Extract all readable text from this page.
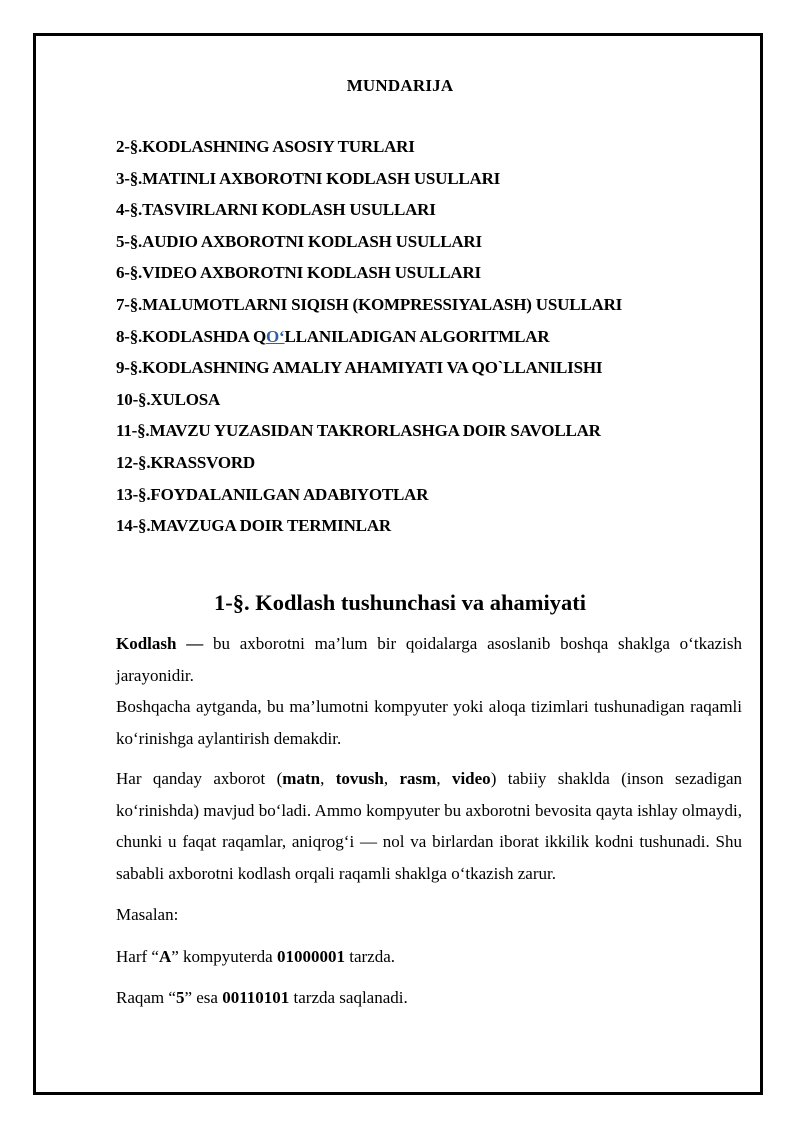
MUNDARIJA
2-§.KODLASHNING ASOSIY TURLARI
3-§.MATINLI AXBOROTNI KODLASH USULLARI
4-§.TASVIRLARNI KODLASH USULLARI
5-§.AUDIO AXBOROTNI KODLASH USULLARI
6-§.VIDEO AXBOROTNI KODLASH USULLARI
7-§.MALUMOTLARNI SIQISH (KOMPRESSIYALASH) USULLARI
8-§.KODLASHDA QO‘LLANILADIGAN ALGORITMLAR
9-§.KODLASHNING AMALIY AHAMIYATI VA QO`LLANILISHI
10-§.XULOSA
11-§.MAVZU YUZASIDAN TAKRORLASHGA DOIR SAVOLLAR
12-§.KRASSVORD
13-§.FOYDALANILGAN ADABIYOTLAR
14-§.MAVZUGA DOIR TERMINLAR
1-§. Kodlash tushunchasi va ahamiyati

Kodlash — bu axborotni ma’lum bir qoidalarga asoslanib boshqa shaklga o‘tkazish jarayonidir.

Boshqacha aytganda, bu ma’lumotni kompyuter yoki aloqa tizimlari tushunadigan raqamli ko‘rinishga aylantirish demakdir.

Har qanday axborot (matn, tovush, rasm, video) tabiiy shaklda (inson sezadigan ko‘rinishda) mavjud bo‘ladi. Ammo kompyuter bu axborotni bevosita qayta ishlay olmaydi, chunki u faqat raqamlar, aniqrog‘i — nol va birlardan iborat ikkilik kodni tushunadi. Shu sababli axborotni kodlash orqali raqamli shaklga o‘tkazish zarur.

Masalan:

Harf “A” kompyuterda 01000001 tarzda.

Raqam “5” esa 00110101 tarzda saqlanadi.
